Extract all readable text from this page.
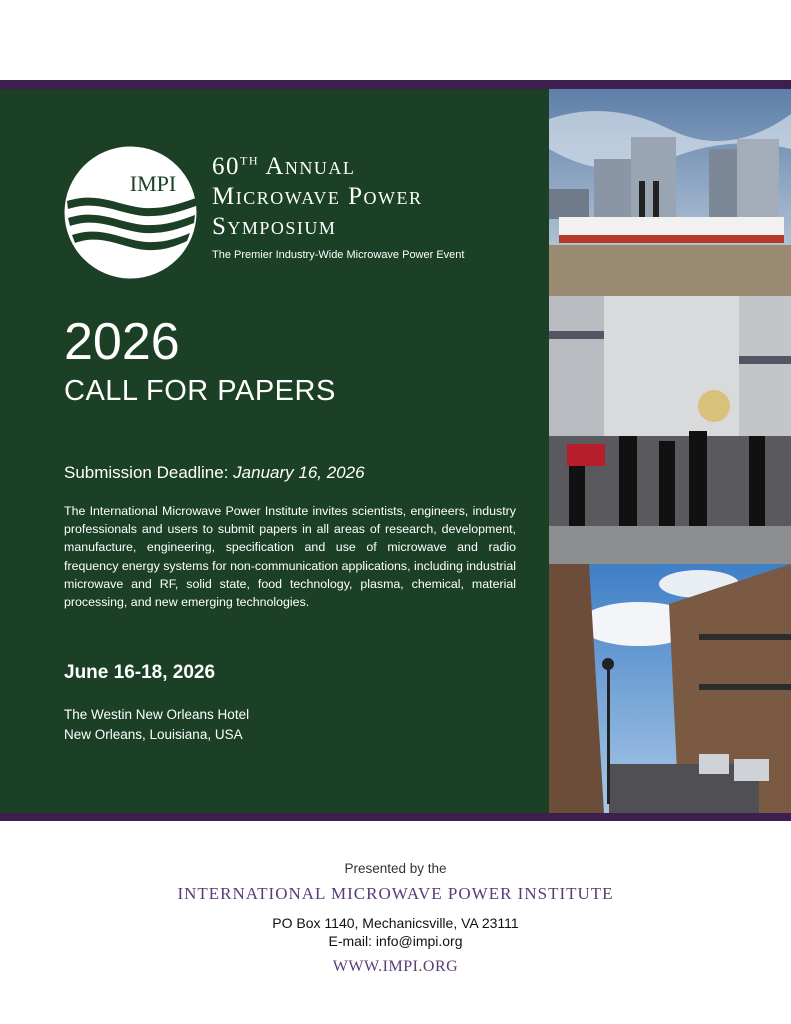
IMPI
60TH Annual
Microwave Power
Symposium
The Premier Industry-Wide Microwave Power Event
2026
CALL FOR PAPERS
Submission Deadline: January 16, 2026

The International Microwave Power Institute invites scientists, engineers, industry professionals and users to submit papers in all areas of research, development, manufacture, engineering, specification and use of microwave and radio frequency energy systems for non-communication applications, including industrial microwave and RF, solid state, food technology, plasma, chemical, material processing, and new emerging technologies.

June 16-18, 2026
The Westin New Orleans Hotel
New Orleans, Louisiana, USA
Presented by the
INTERNATIONAL MICROWAVE POWER INSTITUTE
PO Box 1140, Mechanicsville, VA 23111
E-mail: info@impi.org
WWW.IMPI.ORG
